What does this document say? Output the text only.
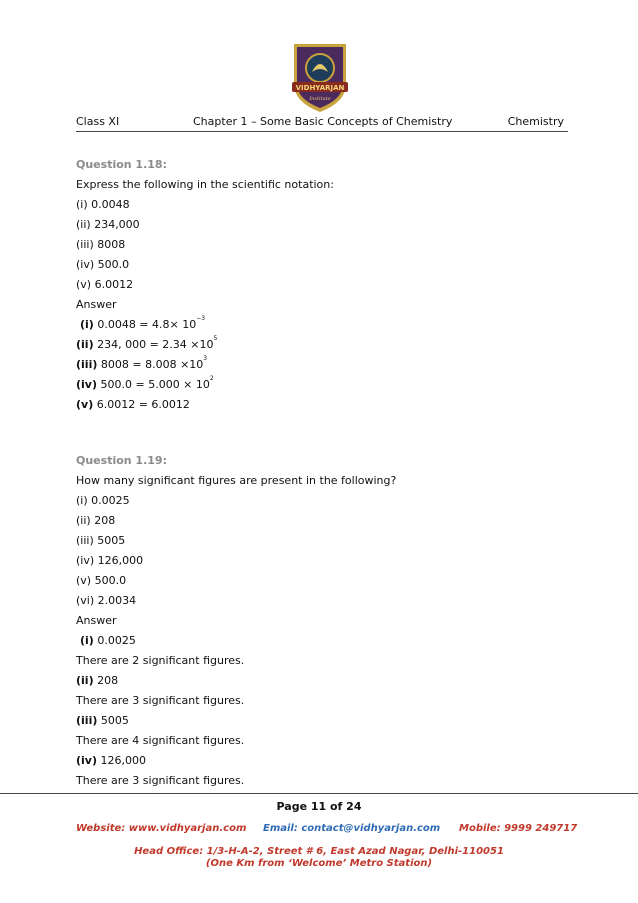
VIDHYARJAN
Institute
Class XI	Chapter 1 – Some Basic Concepts of Chemistry	Chemistry
Question 1.18:
Express the following in the scientific notation:
(i) 0.0048
(ii) 234,000
(iii) 8008
(iv) 500.0
(v) 6.0012
Answer
(i) $0.0048 = 4.8\times 10^{-3}$
(ii) 234, $000 = 2.34 \times 10^5$
(iii) $8008 = 8.008 \times 10^3$
(iv) $500.0 = 5.000 \times 10^2$
(v) 6.0012 = 6.0012
Question 1.19:
How many significant figures are present in the following?
(i) 0.0025
(ii) 208
(iii) 5005
(iv) 126,000
(v) 500.0
(vi) 2.0034
Answer
(i) 0.0025
There are 2 significant figures.
(ii) 208
There are 3 significant figures.
(iii) 5005
There are 4 significant figures.
(iv) 126,000
There are 3 significant figures.
Page 11 of 24
Website: www.vidhyarjan.com Email: contact@vidhyarjan.com Mobile: 9999 249717
Head Office: 1/3-H-A-2, Street # 6, East Azad Nagar, Delhi-110051
(One Km from ‘Welcome’ Metro Station)
